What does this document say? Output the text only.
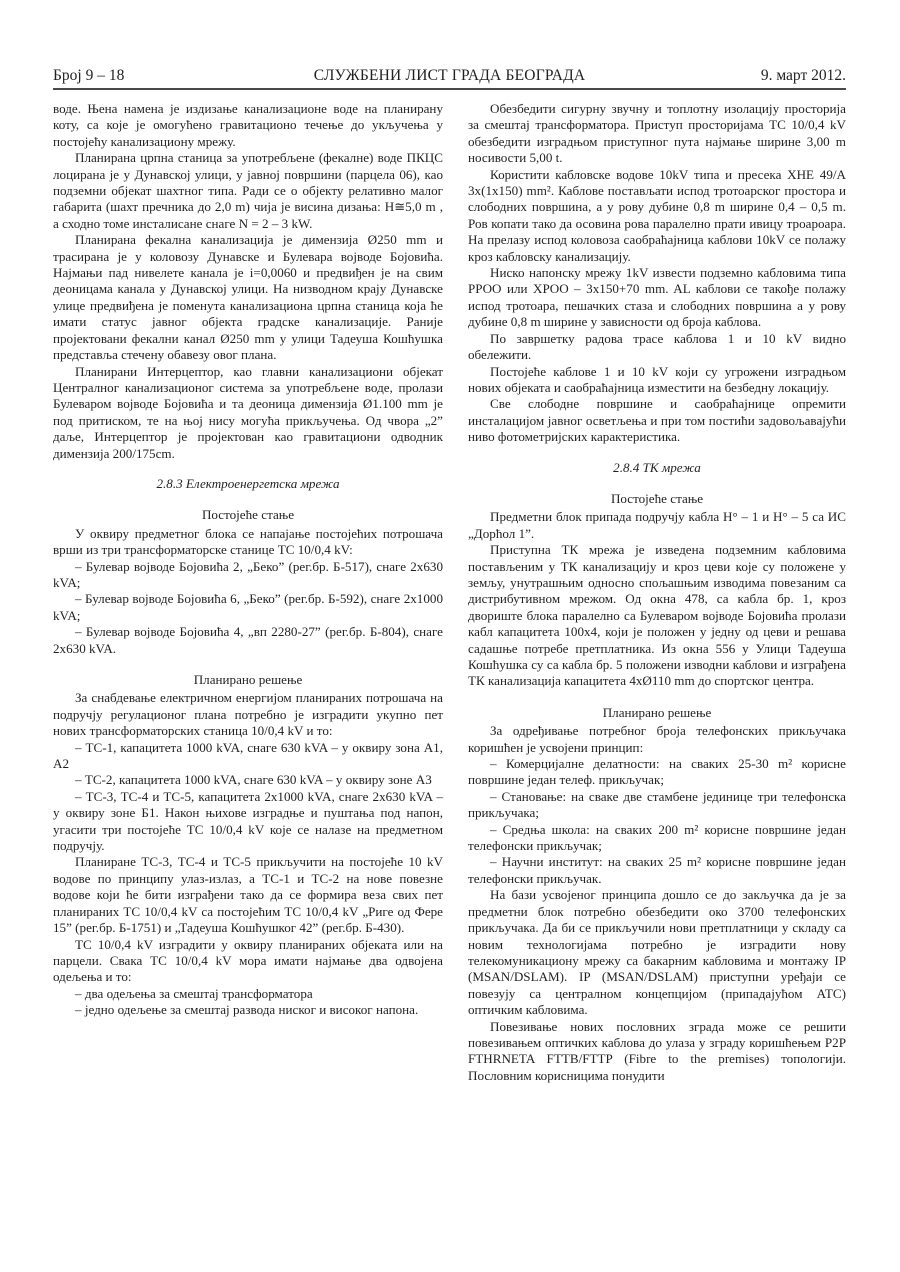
Број 9 – 18	СЛУЖБЕНИ ЛИСТ ГРАДА БЕОГРАДА	9. март 2012.

воде. Њена намена је издизање канализационе воде на планирану коту, са које је омогућено гравитационо течење до укључења у постојећу канализациону мрежу.

Планирана црпна станица за употребљене (фекалне) воде ПКЦС лоцирана је у Дунавској улици, у јавној површини (парцела 06), као подземни објекат шахтног типа. Ради се о објекту релативно малог габарита (шахт пречника до 2,0 m) чија је висина дизања: H≅5,0 m , а сходно томе инсталисане снаге N = 2 – 3 kW.

Планирана фекална канализација је димензија Ø250 mm и трасирана је у коловозу Дунавске и Булевара војводе Бојовића. Најмањи пад нивелете канала је i=0,0060 и предвиђен је на свим деоницама канала у Дунавској улици. На низводном крају Дунавске улице предвиђена је поменута канализациона црпна станица која ће имати статус јавног објекта градске канализације. Раније пројектовани фекални канал Ø250 mm у улици Тадеуша Кошћушка представља стечену обавезу овог плана.

Планирани Интерцептор, као главни канализациони објекат Централног канализационог система за употребљене воде, пролази Булеваром војводе Бојовића и та деоница димензија Ø1.100 mm је под притиском, те на њој нису могућа прикључења. Од чвора „2” даље, Интерцептор је пројектован као гравитациони одводник димензија 200/175cm.

2.8.3 Електроенергетска мрежа
Постојеће стање

У оквиру предметног блока се напајање постојећих потрошача врши из три трансформаторске станице ТС 10/0,4 kV:

– Булевар војводе Бојовића 2, „Беко” (рег.бр. Б-517), снаге 2x630 kVA;

– Булевар војводе Бојовића 6, „Беко” (рег.бр. Б-592), снаге 2x1000 kVA;

– Булевар војводе Бојовића 4, „вп 2280-27” (рег.бр. Б-804), снаге 2x630 kVA.

Планирано решење

За снабдевање електричном енергијом планираних потрошача на подручју регулационог плана потребно је изградити укупно пет нових трансформаторских станица 10/0,4 kV и то:

– ТС-1, капацитета 1000 kVA, снаге 630 kVA – у оквиру зона А1, А2

– ТС-2, капацитета 1000 kVA, снаге 630 kVA – у оквиру зоне А3

– ТС-3, ТС-4 и ТС-5, капацитета 2x1000 kVA, снаге 2x630 kVA – у оквиру зоне Б1. Након њихове изградње и пуштања под напон, угасити три постојеће ТС 10/0,4 kV које се налазе на предметном подручју.

Планиране ТС-3, ТС-4 и ТС-5 прикључити на постојеће 10 kV водове по принципу улаз-излаз, а ТС-1 и ТС-2 на нове повезне водове који ће бити изграђени тако да се формира веза свих пет планираних ТС 10/0,4 kV са постојећим ТС 10/0,4 kV „Риге од Фере 15” (рег.бр. Б-1751) и „Тадеуша Кошћушког 42” (рег.бр. Б-430).

ТС 10/0,4 kV изградити у оквиру планираних објеката или на парцели. Свака ТС 10/0,4 kV мора имати најмање два одвојена одељења и то:

– два одељења за смештај трансформатора

– једно одељење за смештај развода ниског и високог напона.

Обезбедити сигурну звучну и топлотну изолацију просторија за смештај трансформатора. Приступ просторијама ТС 10/0,4 kV обезбедити изградњом приступног пута најмање ширине 3,00 m носивости 5,00 t.

Користити кабловске водове 10kV типа и пресека XHE 49/A 3x(1x150) mm². Каблове постављати испод тротоарског простора и слободних површина, а у рову дубине 0,8 m ширине 0,4 – 0,5 m. Ров копати тако да осовина рова паралелно прати ивицу троароара. На прелазу испод коловоза саобраћајница каблови 10kV се полажу кроз кабловску канализацију.

Ниско напонску мрежу 1kV извести подземно кабловима типа PPOO или XPOO – 3x150+70 mm. AL каблови се такође полажу испод тротоара, пешачких стаза и слободних површина а у рову дубине 0,8 m ширине у зависности од броја каблова.

По завршетку радова трасе каблова 1 и 10 kV видно обележити.

Постојеће каблове 1 и 10 kV који су угрожени изградњом нових објеката и саобраћајница изместити на безбедну локацију.

Све слободне површине и саобраћајнице опремити инсталацијом јавног осветљења и при том постићи задовољавајући ниво фотометријских карактеристика.

2.8.4 ТК мрежа
Постојеће стање

Предметни блок припада подручју кабла H° – 1 и H° – 5 са ИС „Дорћол 1”.

Приступна ТК мрежа је изведена подземним кабловима постављеним у ТК канализацију и кроз цеви које су положене у земљу, унутрашњим односно спољашњим изводима повезаним са дистрибутивном мрежом. Од окна 478, са кабла бр. 1, кроз двориште блока паралелно са Булеваром војводе Бојовића пролази кабл капацитета 100x4, који је положен у једну од цеви и решава садашње потребе претплатника. Из окна 556 у Улици Тадеуша Кошћушка су са кабла бр. 5 положени изводни каблови и изграђена ТК канализација капацитета 4xØ110 mm до спортског центра.

Планирано решење

За одређивање потребног броја телефонских прикључака коришћен је усвојени принцип:

– Комерцијалне делатности: на сваких 25-30 m² корисне површине један телеф. прикључак;

– Становање: на сваке две стамбене јединице три телефонска прикључака;

– Средња школа: на сваких 200 m² корисне површине један телефонски прикључак;

– Научни институт: на сваких 25 m² корисне површине један телефонски прикључак.

На бази усвојеног принципа дошло се до закључка да је за предметни блок потребно обезбедити око 3700 телефонских прикључака. Да би се прикључили нови претплатници у складу са новим технологијама потребно је изградити нову телекомуникациону мрежу са бакарним кабловима и монтажу IP (MSAN/DSLAM). IP (MSAN/DSLAM) приступни уређаји се повезују са централном концепцијом (припадајућом АТС) оптичким кабловима.

Повезивање нових пословних зграда може се решити повезивањем оптичких каблова до улаза у зграду коришћењем P2P FTHRNETA FTTB/FTTP (Fibre to the premises) топологији. Пословним корисницима понудити
